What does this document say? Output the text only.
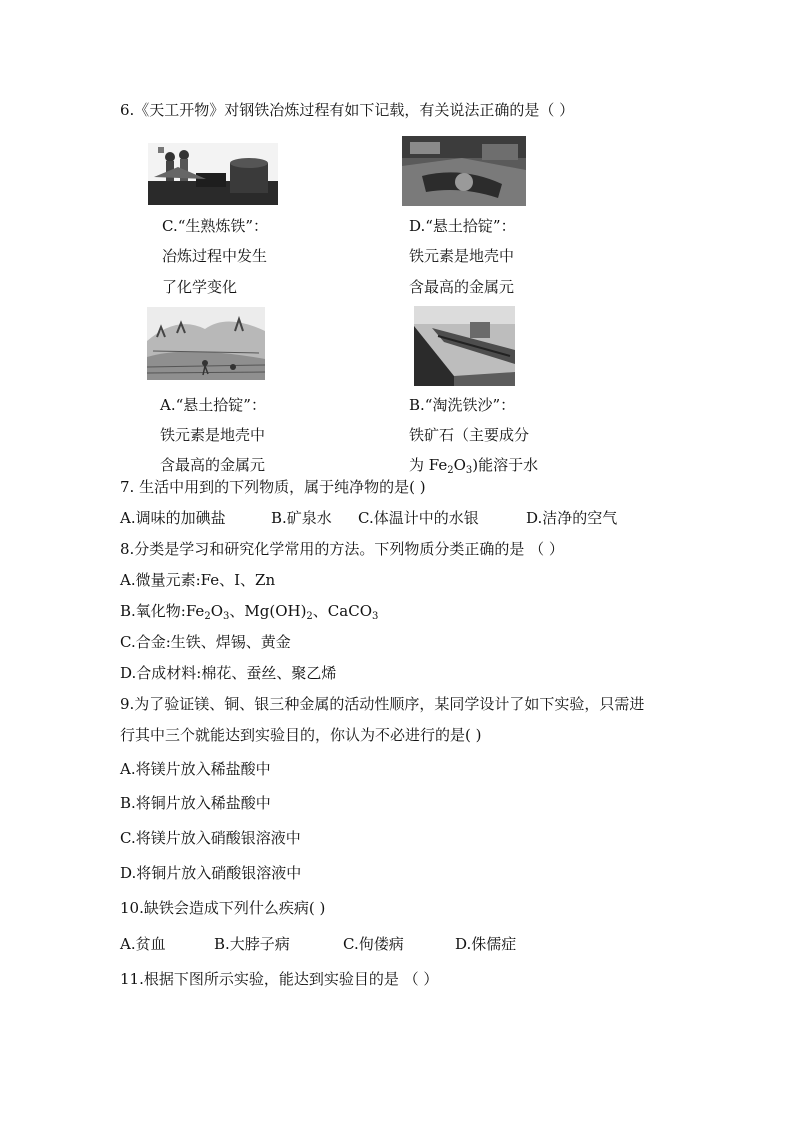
6.《天工开物》对钢铁冶炼过程有如下记载，有关说法正确的是（ ）
C.“生熟炼铁”：
冶炼过程中发生
了化学变化
D.“悬土拾锭”：
铁元素是地壳中
含最高的金属元
A.“悬土拾锭”：
铁元素是地壳中
含最高的金属元
B.“淘洗铁沙”：
铁矿石（主要成分
为 $Fe_2O_3$)能溶于水
7. 生活中用到的下列物质，属于纯净物的是( )
A.调味的加碘盐	B.矿泉水 C.体温计中的水银	D.洁净的空气
8.分类是学习和研究化学常用的方法。下列物质分类正确的是 （ ）
A.微量元素:Fe、I、Zn
B.氧化物$:Fe_2O_3$、$Mg(OH)_2$、CaCO$_3$
C.合金:生铁、焊锡、黄金
D.合成材料:棉花、蚕丝、聚乙烯
9.为了验证镁、铜、银三种金属的活动性顺序，某同学设计了如下实验，只需进
行其中三个就能达到实验目的，你认为不必进行的是( )
A.将镁片放入稀盐酸中
B.将铜片放入稀盐酸中
C.将镁片放入硝酸银溶液中
D.将铜片放入硝酸银溶液中
10.缺铁会造成下列什么疾病( )
A.贫血	B.大脖子病	C.佝偻病	D.侏儒症
11.根据下图所示实验，能达到实验目的是 （ ）
